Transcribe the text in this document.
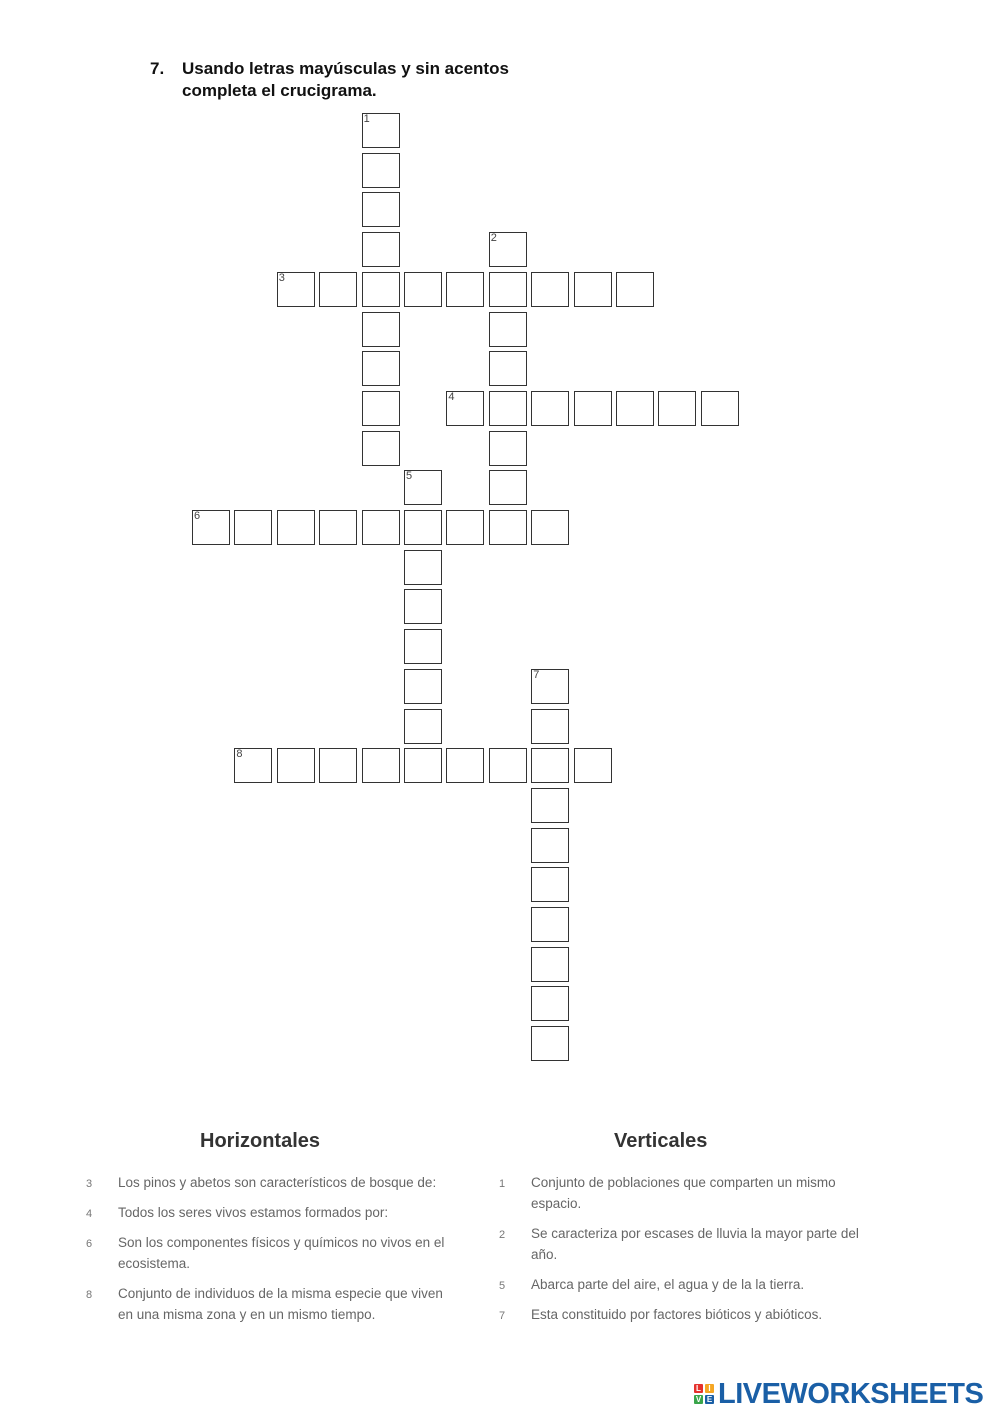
7. Usando letras mayúsculas y sin acentos completa el crucigrama.
1
2
3
4
5
6
7
8
Horizontales
3 Los pinos y abetos son característicos de bosque de:
4 Todos los seres vivos estamos formados por:
6 Son los componentes físicos y químicos no vivos en el ecosistema.
8 Conjunto de individuos de la misma especie que viven en una misma zona y en un mismo tiempo.
Verticales
1 Conjunto de poblaciones que comparten un mismo espacio.
2 Se caracteriza por escases de lluvia la mayor parte del año.
5 Abarca parte del aire, el agua y de la la tierra.
7 Esta constituido por factores bióticos y abióticos.
L I
V E LIVEWORKSHEETS
